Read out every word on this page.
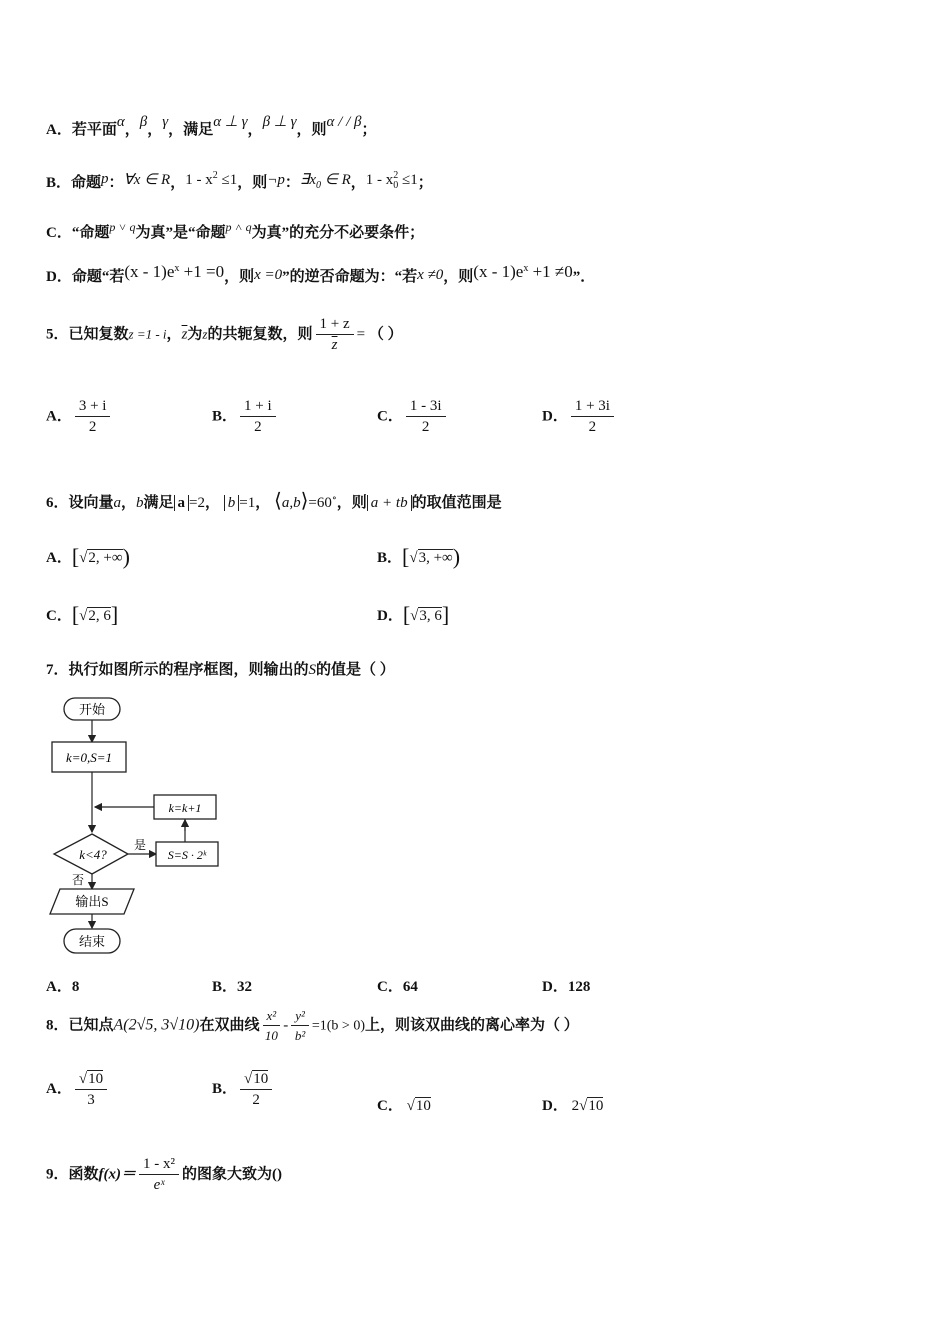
A．若平面α，β，γ，满足α ⊥ γ，β ⊥ γ，则α / / β；
B．命题p：∀x ∈ R，$1 - x^2 \le 1$，则¬p：$\exists x_0$ ∈ R，$1 - x_0^2 \le 1$；
C．“命题$^{p ˅ q}$为真”是“命题$^{p ˄ q}$为真”的充分不必要条件；
D．命题“若$(x - 1)e^x +1 =0$，则x =0”的逆否命题为：“若x ≠0，则$(x - 1)e^x +1 \ne 0$”．
5．已知复数z =1 - i，$\overline{z}$为z的共轭复数，则 $\frac{1 + z}{z}$ = （ ）
A． $\frac{3 + i}{2}$	B． $\frac{1 + i}{2}$	C． $\frac{1 - 3i}{2}$	D． $\frac{1 + 3i}{2}$
6．设向量a，b满足 a =2， b =1， ⟨a,b⟩=60∘，则 a + tb 的取值范围是
A．[√2, +∞)	B．[√3, +∞)
C．[√2, 6]	D．[√3, 6]
7．执行如图所示的程序框图，则输出的S的值是（ ）
开始
k=0,S=1
k=k+1
k<4?
是
S=S · 2ᵏ
否
输出S
结束
A．8	B．32	C．64	D．128
8．已知点A(2√5, 3√10)在双曲线 $\frac{\text{x²}}{10} - \frac{\text{y²}}{\text{b²}} =1(b > 0)$上，则该双曲线的离心率为（ ）
A． $\frac{√10}{3}$	B． $\frac{√10}{2}$	C． √10	D． 2√10
9．函数$f(x)= \frac{\text{1 - x²}}{\text{eˣ}}$ 的图象大致为()
